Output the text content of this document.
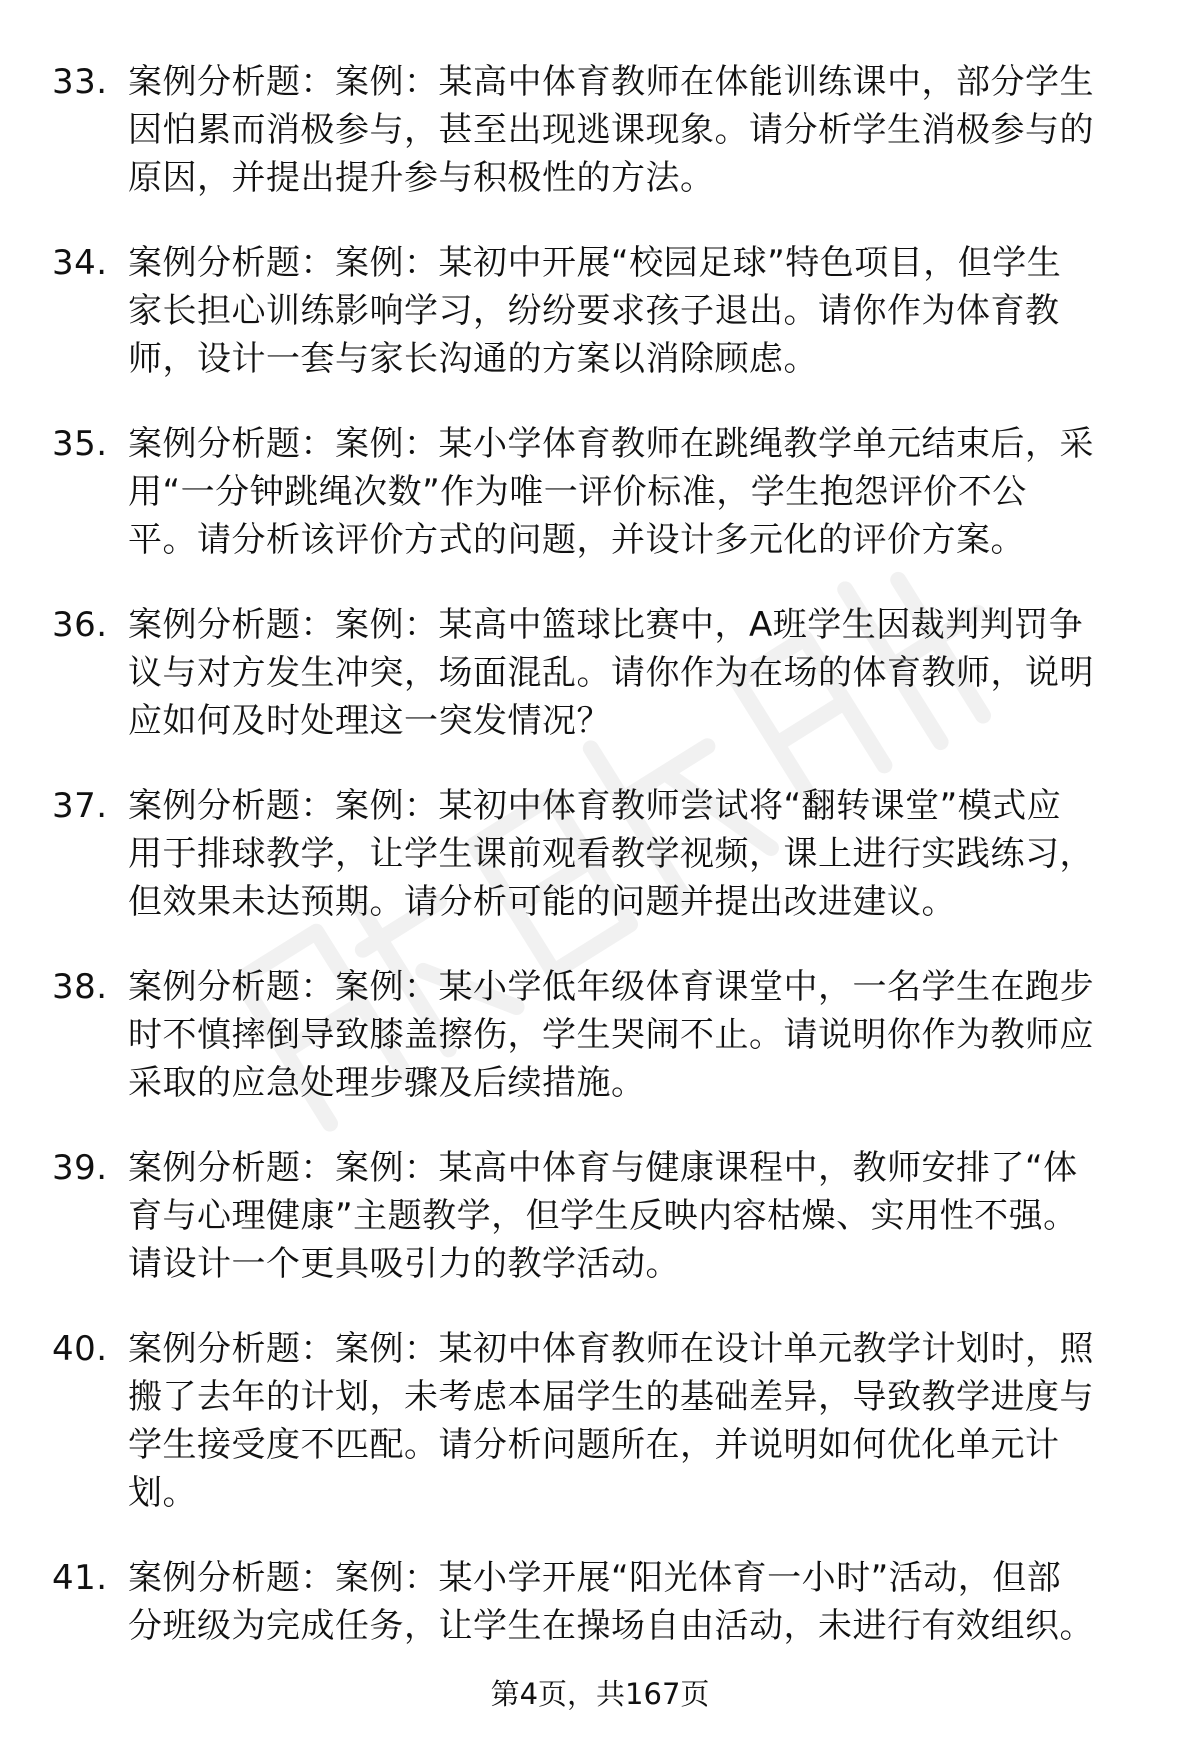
33. 案例分析题：案例：某高中体育教师在体能训练课中，部分学生
因怕累而消极参与，甚至出现逃课现象。请分析学生消极参与的
原因，并提出提升参与积极性的方法。
34. 案例分析题：案例：某初中开展“校园足球”特色项目，但学生
家长担心训练影响学习，纷纷要求孩子退出。请你作为体育教
师，设计一套与家长沟通的方案以消除顾虑。
35. 案例分析题：案例：某小学体育教师在跳绳教学单元结束后，采
用“一分钟跳绳次数”作为唯一评价标准，学生抱怨评价不公
平。请分析该评价方式的问题，并设计多元化的评价方案。
36. 案例分析题：案例：某高中篮球比赛中，A班学生因裁判判罚争
议与对方发生冲突，场面混乱。请你作为在场的体育教师，说明
应如何及时处理这一突发情况？
37. 案例分析题：案例：某初中体育教师尝试将“翻转课堂”模式应
用于排球教学，让学生课前观看教学视频，课上进行实践练习，
但效果未达预期。请分析可能的问题并提出改进建议。
38. 案例分析题：案例：某小学低年级体育课堂中，一名学生在跑步
时不慎摔倒导致膝盖擦伤，学生哭闹不止。请说明你作为教师应
采取的应急处理步骤及后续措施。
39. 案例分析题：案例：某高中体育与健康课程中，教师安排了“体
育与心理健康”主题教学，但学生反映内容枯燥、实用性不强。
请设计一个更具吸引力的教学活动。
40. 案例分析题：案例：某初中体育教师在设计单元教学计划时，照
搬了去年的计划，未考虑本届学生的基础差异，导致教学进度与
学生接受度不匹配。请分析问题所在，并说明如何优化单元计
划。
41. 案例分析题：案例：某小学开展“阳光体育一小时”活动，但部
分班级为完成任务，让学生在操场自由活动，未进行有效组织。
第4页，共167页
